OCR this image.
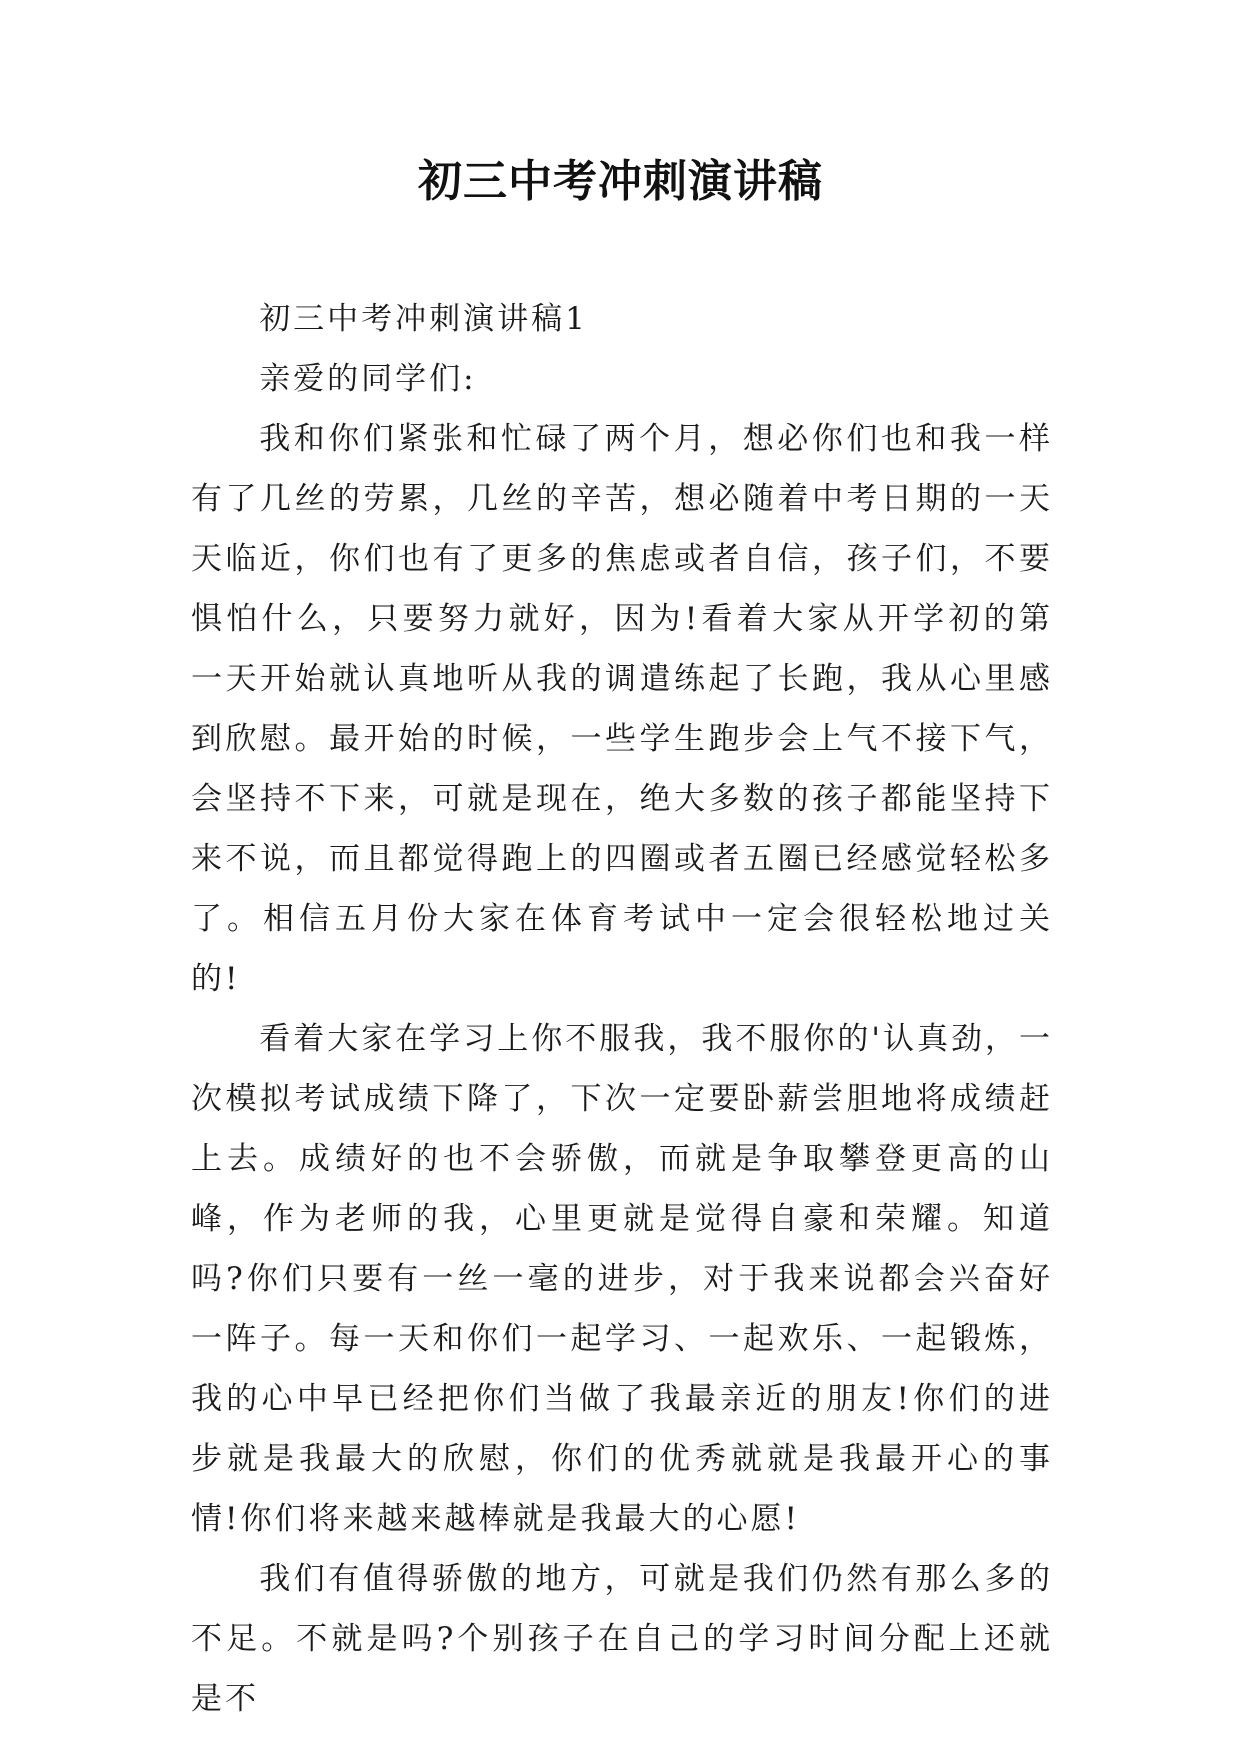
初三中考冲刺演讲稿

初三中考冲刺演讲稿1

亲爱的同学们:

我和你们紧张和忙碌了两个月，想必你们也和我一样有了几丝的劳累，几丝的辛苦，想必随着中考日期的一天天临近，你们也有了更多的焦虑或者自信，孩子们，不要惧怕什么，只要努力就好，因为!看着大家从开学初的第一天开始就认真地听从我的调遣练起了长跑，我从心里感到欣慰。最开始的时候，一些学生跑步会上气不接下气，会坚持不下来，可就是现在，绝大多数的孩子都能坚持下来不说，而且都觉得跑上的四圈或者五圈已经感觉轻松多了。相信五月份大家在体育考试中一定会很轻松地过关的!

看着大家在学习上你不服我，我不服你的'认真劲，一次模拟考试成绩下降了，下次一定要卧薪尝胆地将成绩赶上去。成绩好的也不会骄傲，而就是争取攀登更高的山峰，作为老师的我，心里更就是觉得自豪和荣耀。知道吗?你们只要有一丝一毫的进步，对于我来说都会兴奋好一阵子。每一天和你们一起学习、一起欢乐、一起锻炼，我的心中早已经把你们当做了我最亲近的朋友!你们的进步就是我最大的欣慰，你们的优秀就就是我最开心的事情!你们将来越来越棒就是我最大的心愿!

我们有值得骄傲的地方，可就是我们仍然有那么多的不足。不就是吗?个别孩子在自己的学习时间分配上还就是不
